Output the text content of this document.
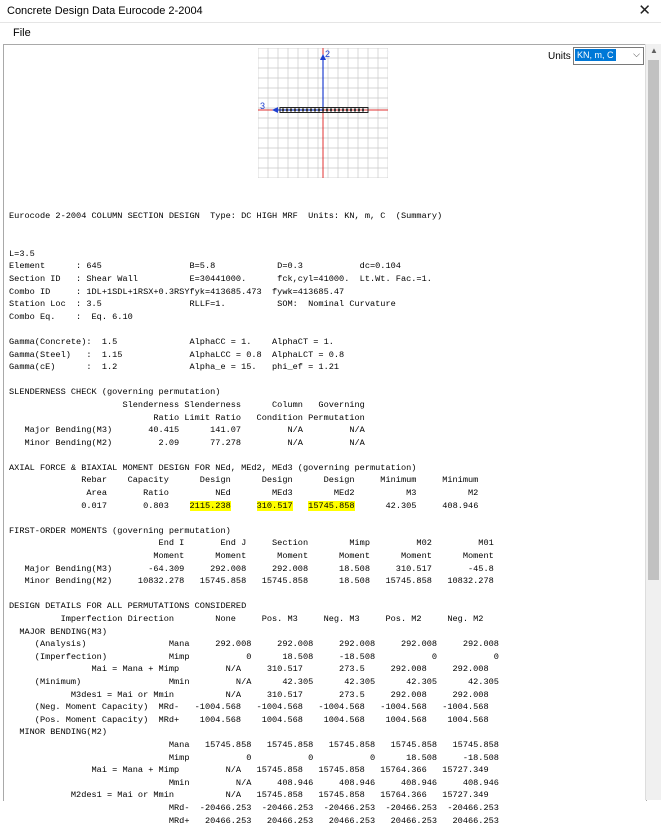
Concrete Design Data Eurocode 2-2004	✕
File
Units KN, m, C ⌵
2
3
Eurocode 2-2004 COLUMN SECTION DESIGN  Type: DC HIGH MRF  Units: KN, m, C  (Summary)

L=3.5
Element      : 645                 B=5.8            D=0.3           dc=0.104
Section ID   : Shear Wall          E=30441000.      fck,cyl=41000.  Lt.Wt. Fac.=1.
Combo ID     : 1DL+1SDL+1RSX+0.3RSYfyk=413685.473  fywk=413685.47
Station Loc  : 3.5                 RLLF=1.          SOM:  Nominal Curvature
Combo Eq.    :  Eq. 6.10

Gamma(Concrete):  1.5              AlphaCC = 1.    AlphaCT = 1.
Gamma(Steel)   :  1.15             AlphaLCC = 0.8  AlphaLCT = 0.8
Gamma(cE)      :  1.2              Alpha_e = 15.   phi_ef = 1.21

SLENDERNESS CHECK (governing permutation)
Slenderness Slenderness      Column   Governing
Ratio Limit Ratio   Condition Permutation
Major Bending(M3)       40.415      141.07         N/A         N/A
Minor Bending(M2)         2.09      77.278         N/A         N/A

AXIAL FORCE & BIAXIAL MOMENT DESIGN FOR NEd, MEd2, MEd3 (governing permutation)
Rebar    Capacity      Design      Design      Design     Minimum     Minimum
Area       Ratio         NEd        MEd3        MEd2          M3          M2
0.017       0.803    2115.238	310.517 15745.858      42.305     408.946

FIRST-ORDER MOMENTS (governing permutation)
End I       End J     Section        Mimp         M02         M01
Moment      Moment      Moment      Moment      Moment      Moment
Major Bending(M3)       -64.309     292.008     292.008      18.508     310.517       -45.8
Minor Bending(M2)     10832.278   15745.858   15745.858      18.508   15745.858   10832.278

DESIGN DETAILS FOR ALL PERMUTATIONS CONSIDERED
Imperfection Direction        None     Pos. M3     Neg. M3     Pos. M2     Neg. M2
MAJOR BENDING(M3)
(Analysis)                Mana     292.008     292.008     292.008     292.008     292.008
(Imperfection)            Mimp           0      18.508     -18.508           0           0
Mai = Mana + Mimp         N/A     310.517       273.5     292.008     292.008
(Minimum)                 Mmin         N/A      42.305      42.305      42.305      42.305
M3des1 = Mai or Mmin          N/A     310.517       273.5     292.008     292.008
(Neg. Moment Capacity)  MRd-   -1004.568   -1004.568   -1004.568   -1004.568   -1004.568
(Pos. Moment Capacity)  MRd+    1004.568    1004.568    1004.568    1004.568    1004.568
MINOR BENDING(M2)
Mana   15745.858   15745.858   15745.858   15745.858   15745.858
Mimp           0           0           0      18.508     -18.508
Mai = Mana + Mimp         N/A   15745.858   15745.858   15764.366   15727.349
Mmin         N/A     408.946     408.946     408.946     408.946
M2des1 = Mai or Mmin          N/A   15745.858   15745.858   15764.366   15727.349
MRd-  -20466.253  -20466.253  -20466.253  -20466.253  -20466.253
MRd+   20466.253   20466.253   20466.253   20466.253   20466.253

▲
